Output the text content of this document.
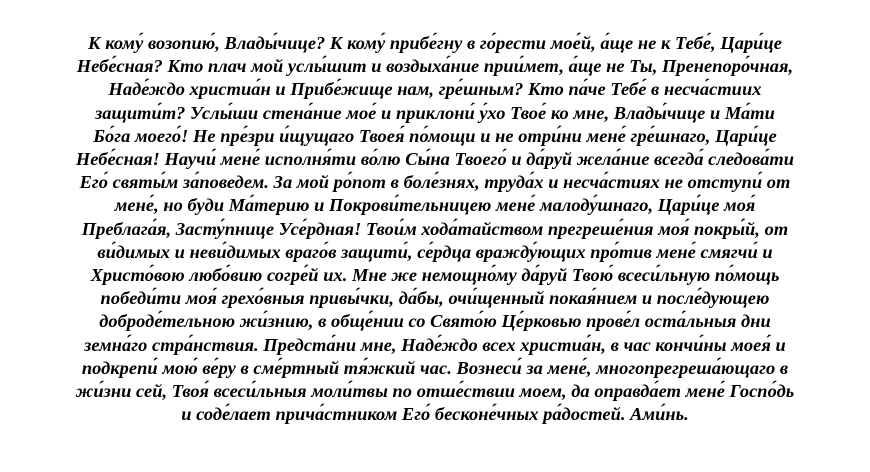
К кому́ возопию́, Влады́чице? К кому́ прибе́гну в го́рести мое́й, а́ще не к Тебе́, Цари́це
Небе́сная? Кто плач мой услы́шит и воздыха́ние прии́мет, а́ще не Ты, Пренепоро́чная,
Наде́ждо христиа́н и Прибе́жище нам, гре́шным? Кто па́че Тебе́ в несча́стиих
защити́т? Услы́ши стена́ние мое́ и приклони́ у́хо Твое́ ко мне, Влады́чице и Ма́ти
Бо́га моего́! Не пре́зри и́щущаго Твоея́ по́мощи и не отри́ни мене́ гре́шнаго, Цари́це
Небе́сная! Научи́ мене́ исполня́ти во́лю Сы́на Твоего́ и да́руй жела́ние всегда́ следова́ти
Его́ святы́м за́поведем. За мой ро́пот в боле́знях, труда́х и несча́стиях не отступи́ от
мене́, но буди Ма́терию и Покрови́тельницею мене́ малоду́шнаго, Цари́це моя́
Преблага́я, Засту́пнице Усе́рдная! Твои́м хода́тайством прегреше́ния моя́ покры́й, от
ви́димых и неви́димых враго́в защити́, се́рдца вражду́ющих про́тив мене́ смягчи́ и
Христо́вою любо́вию согре́й их. Мне же немощно́му да́руй Твою́ всеси́льную по́мощь
победи́ти моя́ грехо́вныя привы́чки, да́бы, очи́щенный покая́нием и после́дующею
доброде́тельною жи́знию, в обще́нии со Свято́ю Це́рковью прове́л оста́льныя дни
земна́го стра́нствия. Предста́ни мне, Наде́ждо всех христиа́н, в час кончи́ны моея́ и
подкрепи́ мою́ ве́ру в сме́ртный тя́жкий час. Вознеси́ за мене́, многопрегреша́ющаго в
жи́зни сей, Твоя́ всеси́льныя моли́твы по отше́ствии моем, да оправда́ет мене́ Госпо́дь
и соде́лает прича́стником Его́ бесконе́чных ра́достей. Ами́нь.
